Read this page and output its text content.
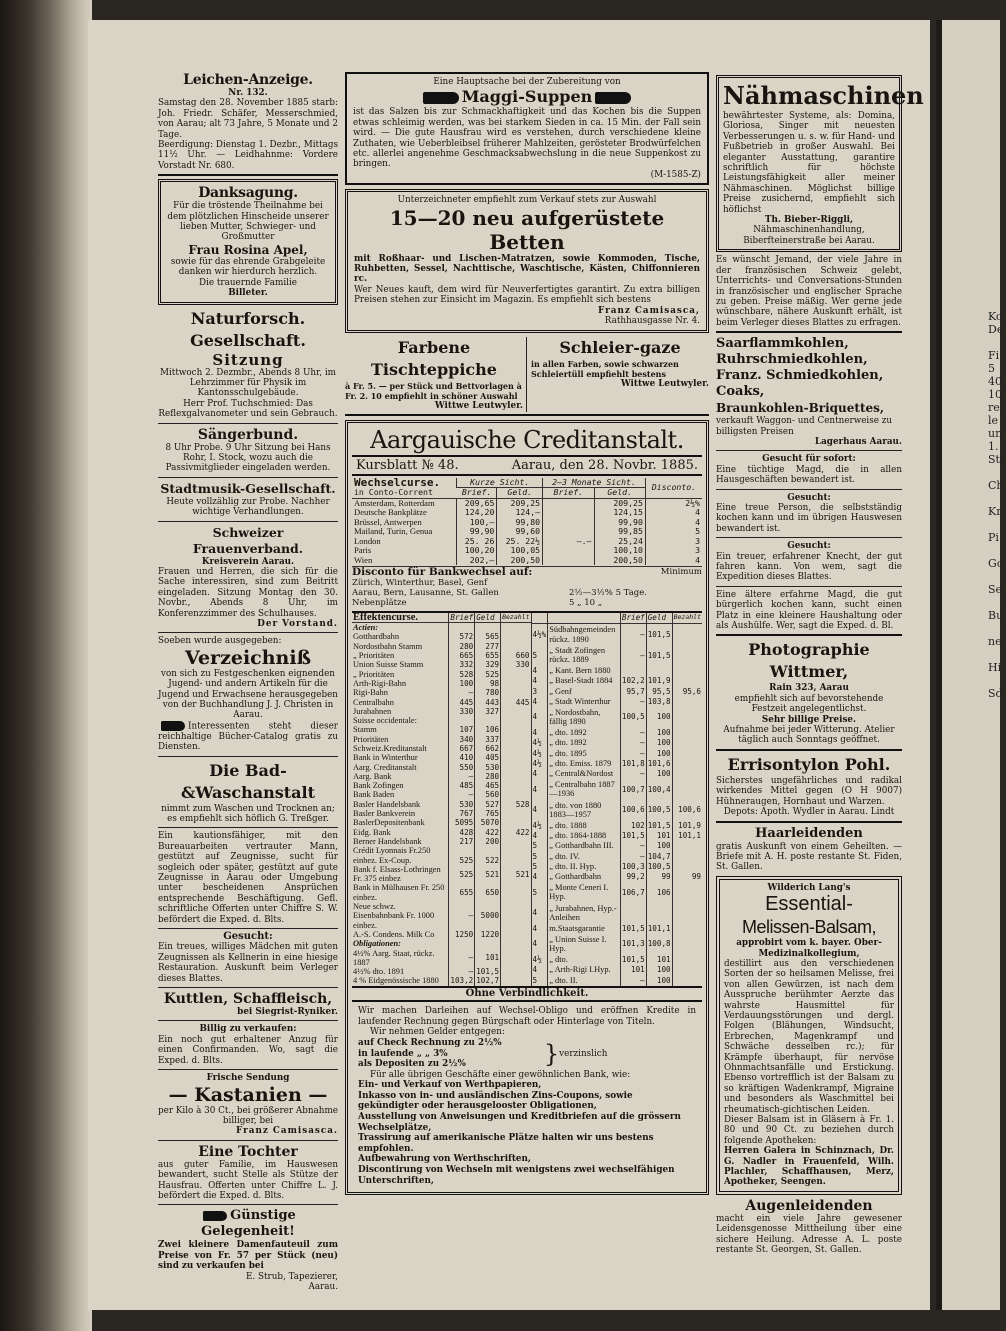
Leichen-Anzeige.
Nr. 132.
Samstag den 28. November 1885 starb: Joh. Friedr. Schäfer, Messerschmied, von Aarau; alt 73 Jahre, 5 Monate und 2 Tage.
Beerdigung: Dienstag 1. Dezbr., Mittags 11½ Uhr. — Leidhahnme: Vordere Vorstadt Nr. 680.
Danksagung.
Für die tröstende Theilnahme bei dem plötzlichen Hinscheide unserer lieben Mutter, Schwieger- und Großmutter
Frau Rosina Apel,
sowie für das ehrende Grabgeleite danken wir hierdurch herzlich.
Die trauernde Familie
Billeter.
Naturforsch. Gesellschaft.
Sitzung
Mittwoch 2. Dezmbr., Abends 8 Uhr, im Lehrzimmer für Physik im Kantonsschulgebäude.
Herr Prof. Tuchschmied: Das Reflexgalvanometer und sein Gebrauch.
Sängerbund.
8 Uhr Probe. 9 Uhr Sitzung bei Hans Rohr, I. Stock, wozu auch die Passivmitglieder eingeladen werden.
Stadtmusik-Gesellschaft.
Heute vollzählig zur Probe. Nachher wichtige Verhandlungen.
Schweizer Frauenverband.
Kreisverein Aarau.
Frauen und Herren, die sich für die Sache interessiren, sind zum Beitritt eingeladen. Sitzung Montag den 30. Novbr., Abends 8 Uhr, im Konferenzzimmer des Schulhauses.
Der Vorstand.
Soeben wurde ausgegeben:
Verzeichniß
von sich zu Festgeschenken eignenden Jugend- und andern Artikeln für die Jugend und Erwachsene herausgegeben von der Buchhandlung J. J. Christen in Aarau.
Interessenten steht dieser reichhaltige Bücher-Catalog gratis zu Diensten.
Die Bad-&Waschanstalt
nimmt zum Waschen und Trocknen an; es empfiehlt sich höflich G. Treßger.
Ein kautionsfähiger, mit den Bureauarbeiten vertrauter Mann, gestützt auf Zeugnisse, sucht für sogleich oder später, gestützt auf gute Zeugnisse in Aarau oder Umgebung unter bescheidenen Ansprüchen entsprechende Beschäftigung. Gefl. schriftliche Offerten unter Chiffre S. W. befördert die Exped. d. Blts.
Gesucht:
Ein treues, williges Mädchen mit guten Zeugnissen als Kellnerin in eine hiesige Restauration. Auskunft beim Verleger dieses Blattes.
Kuttlen, Schaffleisch,
bei Siegrist-Ryniker.
Billig zu verkaufen:
Ein noch gut erhaltener Anzug für einen Confirmanden. Wo, sagt die Exped. d. Blts.
Frische Sendung
— Kastanien —
per Kilo à 30 Ct., bei größerer Abnahme billiger, bei
Franz Camisasca.
Eine Tochter
aus guter Familie, im Hauswesen bewandert, sucht Stelle als Stütze der Hausfrau. Offerten unter Chiffre L. J. befördert die Exped. d. Blts.
Günstige Gelegenheit!
Zwei kleinere Damenfauteuil zum Preise von Fr. 57 per Stück (neu) sind zu verkaufen bei
E. Strub, Tapezierer,
Aarau.
Eine Hauptsache bei der Zubereitung von
Maggi-Suppen
ist das Salzen bis zur Schmackhaftigkeit und das Kochen bis die Suppen etwas schleimig werden, was bei starkem Sieden in ca. 15 Min. der Fall sein wird. — Die gute Hausfrau wird es verstehen, durch verschiedene kleine Zuthaten, wie Ueberbleibsel früherer Mahlzeiten, gerösteter Brodwürfelchen etc. allerlei angenehme Geschmacksabwechslung in die neue Suppenkost zu bringen.
(M-1585-Z)
Unterzeichneter empfiehlt zum Verkauf stets zur Auswahl
15—20 neu aufgerüstete Betten
mit Roßhaar- und Lischen-Matratzen, sowie Kommoden, Tische, Ruhbetten, Sessel, Nachttische, Waschtische, Kästen, Chiffonnieren rc.
Wer Neues kauft, dem wird für Neuverfertigtes garantirt. Zu extra billigen Preisen stehen zur Einsicht im Magazin. Es empfiehlt sich bestens
Franz Camisasca,
Rathhausgasse Nr. 4.
Farbene Tischteppiche
à Fr. 5. — per Stück und Bettvorlagen à Fr. 2. 10 empfiehlt in schöner Auswahl
Wittwe Leutwyler.
Schleier-gaze
in allen Farben, sowie schwarzen Schleiertüll empfiehlt bestens
Wittwe Leutwyler.
Aargauische Creditanstalt.
Kursblatt № 48.	Aarau, den 28. Novbr. 1885.
Wechselcurse.
in Conto-Corrent	Kurze Sicht.		2—3 Monate Sicht.		Disconto.
	Brief.	Geld.	Brief.	Geld.	
Amsterdam, Rotterdam	209,65	209,25		209,25	2½%
Deutsche Bankplätze	124,20	124,—		124,15	4
Brüssel, Antwerpen	100,—	99,80		99,90	4
Mailand, Turin, Genua	99,90	99,60		99,85	5
London	25. 26	25. 22½	—.—	25,24	3
Paris	100,20	100,05		100,10	3
Wien	202,—	200,50		200,50	4
Disconto für Bankwechsel auf:	Minimum
Zürich, Winterthur, Basel, Genf
Aarau, Bern, Lausanne, St. Gallen
Nebenplätze

2½—3½% 5 Tage.
5 „ 10 „
Effektencurse.	Brief	Geld	Bezahlt
Actien:			
Gotthardbahn	572	565	
Nordostbahn Stamm	280	277	
„ Prioritäten	665	655	660
Union Suisse Stamm	332	329	330
„ Prioritäten	528	525	
Arth-Rigi-Bahn	100	98	
Rigi-Bahn	—	780	
Centralbahn	445	443	445
Jurabahnen	330	327	
Suisse occidentale:			
Stamm	107	106	
Prioritäten	340	337	

Schweiz.Kreditanstalt	667	662	
Bank in Winterthur	410	405	
Aarg. Creditanstalt	550	530	
Aarg. Bank	—	280	
Bank Zofingen	485	465	
Bank Baden	—	560	
Basler Handelsbank	530	527	528
Basler Bankverein	767	765	
BaslerDepositenbank	5095	5070	
Eidg. Bank	428	422	422
Berner Handelsbank	217	200	
Crédit Lyonnais Fr.250			
einbez. Ex-Coup.	525	522	
Bank f. Elsass-Lothringen Fr. 375 einbez	525	521	521
Bank in Mülhausen Fr. 250 einbez.	655	650	
Neue schwz. Eisenbahnbank Fr. 1000 einbez.	—	5000	
A.-S. Condens. Milk Co	1250	1220	
Obligationen:			
4½% Aarg. Staat, rückz. 1887	—	101	
4½% dto. 1891	—	101,5	
4 % Eidgenössische 1880	103,2	102,7	
		Brief	Geld	Bezahlt
4½%	Südbahngemeinden rückz. 1890	—	101,5	
5	„ Stadt Zofingen rückz. 1889	—	101,5	
4	„ Kant. Bern 1880			
4	„ Basel-Stadt 1884	102,2	101,9	
3	„ Genf	95,7	95,5	95,6
4	„ Stadt Winterthur	—	103,8	
4	„ Nordostbahn, fällig 1890	100,5	100	
4	„ dto. 1892	—	100	
4½	„ dto. 1892	—	100	
4½	„ dto. 1895	—	100	
4½	„ dto. Emiss. 1879	101,8	101,6	
4	„ Central&Nordost	—	100	
4	„ Centralbahn 1887—1936	100,7	100,4	
4	„ dto. von 1880 1883—1957	100,6	100,5	100,6
4½	„ dto. 1888	102	101,5	101,9
4	„ dto. 1864-1888	101,5	101	101,1
5	„ Gotthardbahn III.	—	100	
5	„ dto. IV.	—	104,7	
5	„ dto. II. Hyp.	100,3	100,5	
4	„ Gotthardbahn	99,2	99	99
5	„ Monte Ceneri I. Hyp.	106,7	106	
4	„ Jurabahnen, Hyp.-Anleihen			
4	m.Staatsgarantie	101,5	101,1	
4	„ Union Suisse I. Hyp.	101,3	100,8	
4½	„ dto.	101,5	101	
4	„ Arth-Rigi I.Hyp.	101	100	
5	„ dto. II.	—	100	
Ohne Verbindlichkeit.
Wir machen Darleihen auf Wechsel-Obligo und eröffnen Kredite in laufender Rechnung gegen Bürgschaft oder Hinterlage von Titeln.
Wir nehmen Gelder entgegen:
auf Check Rechnung zu 2½%
in laufende „ „ 3%
als Depositen zu 2½%	} verzinslich
Für alle übrigen Geschäfte einer gewöhnlichen Bank, wie:
Ein- und Verkauf von Werthpapieren,
Inkasso von in- und ausländischen Zins-Coupons, sowie gekündigter oder herausgelooster Obligationen,
Ausstellung von Anweisungen und Kreditbriefen auf die grössern Wechselplätze,
Trassirung auf amerikanische Plätze halten wir uns bestens empfohlen.
Aufbewahrung von Werthschriften,
Discontirung von Wechseln mit wenigstens zwei wechselfähigen Unterschriften,
Nähmaschinen
bewährtester Systeme, als: Domina, Gloriosa, Singer mit neuesten Verbesserungen u. s. w. für Hand- und Fußbetrieb in großer Auswahl. Bei eleganter Ausstattung, garantire schriftlich für höchste Leistungsfähigkeit aller meiner Nähmaschinen. Möglichst billige Preise zusichernd, empfiehlt sich höflichst
Th. Bieber-Riggli,
Nähmaschinenhandlung, Biberfteinerstraße bei Aarau.
Es wünscht Jemand, der viele Jahre in der französischen Schweiz gelebt, Unterrichts- und Conversations-Stunden in französischer und englischer Sprache zu geben. Preise mäßig. Wer gerne jede wünschbare, nähere Auskunft erhält, ist beim Verleger dieses Blattes zu erfragen.
Saarflammkohlen, Ruhrschmiedkohlen, Franz. Schmiedkohlen, Coaks,
Braunkohlen-Briquettes,
verkauft Waggon- und Centnerweise zu billigsten Preisen
Lagerhaus Aarau.
Gesucht für sofort:
Eine tüchtige Magd, die in allen Hausgeschäften bewandert ist.
Gesucht:
Eine treue Person, die selbstständig kochen kann und im übrigen Hauswesen bewandert ist.
Gesucht:
Ein treuer, erfahrener Knecht, der gut fahren kann. Von wem, sagt die Expedition dieses Blattes.
Eine ältere erfahrne Magd, die gut bürgerlich kochen kann, sucht einen Platz in eine kleinere Haushaltung oder als Aushülfe. Wer, sagt die Exped. d. Bl.
Photographie Wittmer,
Rain 323, Aarau
empfiehlt sich auf bevorstehende Festzeit angelegentlichst.
Sehr billige Preise.
Aufnahme bei jeder Witterung. Atelier täglich auch Sonntags geöffnet.
Errisontylon Pohl.
Sicherstes ungefährliches und radikal wirkendes Mittel gegen (O H 9007) Hühneraugen, Hornhaut und Warzen.
Depots: Apoth. Wydler in Aarau. Lindt
Haarleidenden
gratis Auskunft von einem Geheilten. — Briefe mit A. H. poste restante St. Fiden, St. Gallen.
Wilderich Lang's
Essential-
Melissen-Balsam,
approbirt vom k. bayer. Ober-Medizinalkollegium,
destillirt aus den verschiedenen Sorten der so heilsamen Melisse, frei von allen Gewürzen, ist nach dem Ausspruche berühmter Aerzte das wahrste Hausmittel für Verdauungsstörungen und dergl. Folgen (Blähungen, Windsucht, Erbrechen, Magenkrampf und Schwäche desselben rc.); für Krämpfe überhaupt, für nervöse Ohnmachtsanfälle und Erstickung. Ebenso vortrefflich ist der Balsam zu so kräftigen Wadenkrampf, Migraine und besonders als Waschmittel bei rheumatisch-gichtischen Leiden.
Dieser Balsam ist in Gläsern à Fr. 1. 80 und 90 Ct. zu beziehen durch folgende Apotheken:
Herren Galera in Schinznach, Dr. G. Nadler in Frauenfeld, Wilh. Plachler, Schaffhausen, Merz, Apotheker, Seengen.
Augenleidenden
macht ein viele Jahre gewesener Leidensgenosse Mittheilung über eine sichere Heilung. Adresse A. L. poste restante St. Georgen, St. Gallen.
Ko
De
Fi
5
40
10
rec
le
un
1.
Sti
Ch
Kr
Pi
Gc
Se
Bu
ne
Hi
Sd
